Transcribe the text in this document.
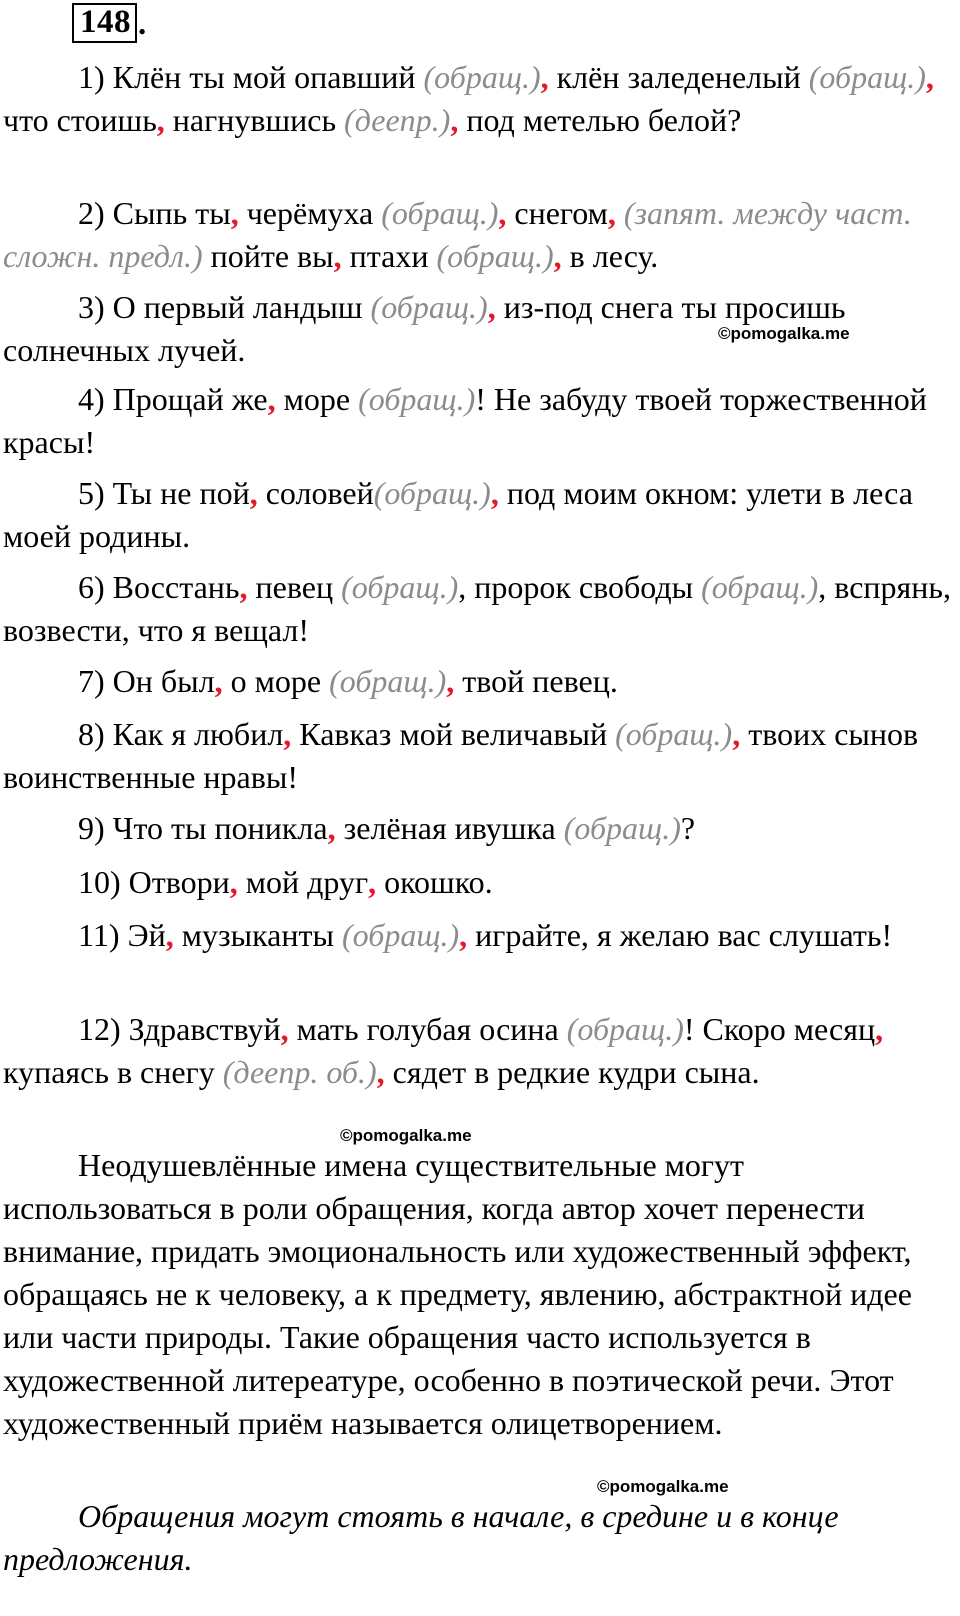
148 .

1) Клён ты мой опавший (обращ.), клён заледенелый (обращ.), что стоишь, нагнувшись (деепр.), под метелью белой?

2) Сыпь ты, черёмуха (обращ.), снегом, (запят. между част. сложн. предл.) пойте вы, птахи (обращ.), в лесу.

3) О первый ландыш (обращ.), из-под снега ты просишь солнечных лучей.

4) Прощай же, море (обращ.)! Не забуду твоей торжественной красы!

5) Ты не пой, соловей(обращ.), под моим окном: улети в леса моей родины.

6) Восстань, певец (обращ.), пророк свободы (обращ.), вспрянь, возвести, что я вещал!

7) Он был, о море (обращ.), твой певец.

8) Как я любил, Кавказ мой величавый (обращ.), твоих сынов воинственные нравы!

9) Что ты поникла, зелёная ивушка (обращ.)?

10) Отвори, мой друг, окошко.

11) Эй, музыканты (обращ.), играйте, я желаю вас слушать!

12) Здравствуй, мать голубая осина (обращ.)! Скоро месяц, купаясь в снегу (деепр. об.), сядет в редкие кудри сына.

Неодушевлённые имена существительные могут использоваться в роли обращения, когда автор хочет перенести внимание, придать эмоциональность или художественный эффект, обращаясь не к человеку, а к предмету, явлению, абстрактной идее или части природы. Такие обращения часто используется в художественной литереатуре, особенно в поэтической речи. Этот художественный приём называется олицетворением.

Обращения могут стоять в начале, в средине и в конце предложения.

©pomogalka.me
©pomogalka.me
©pomogalka.me
